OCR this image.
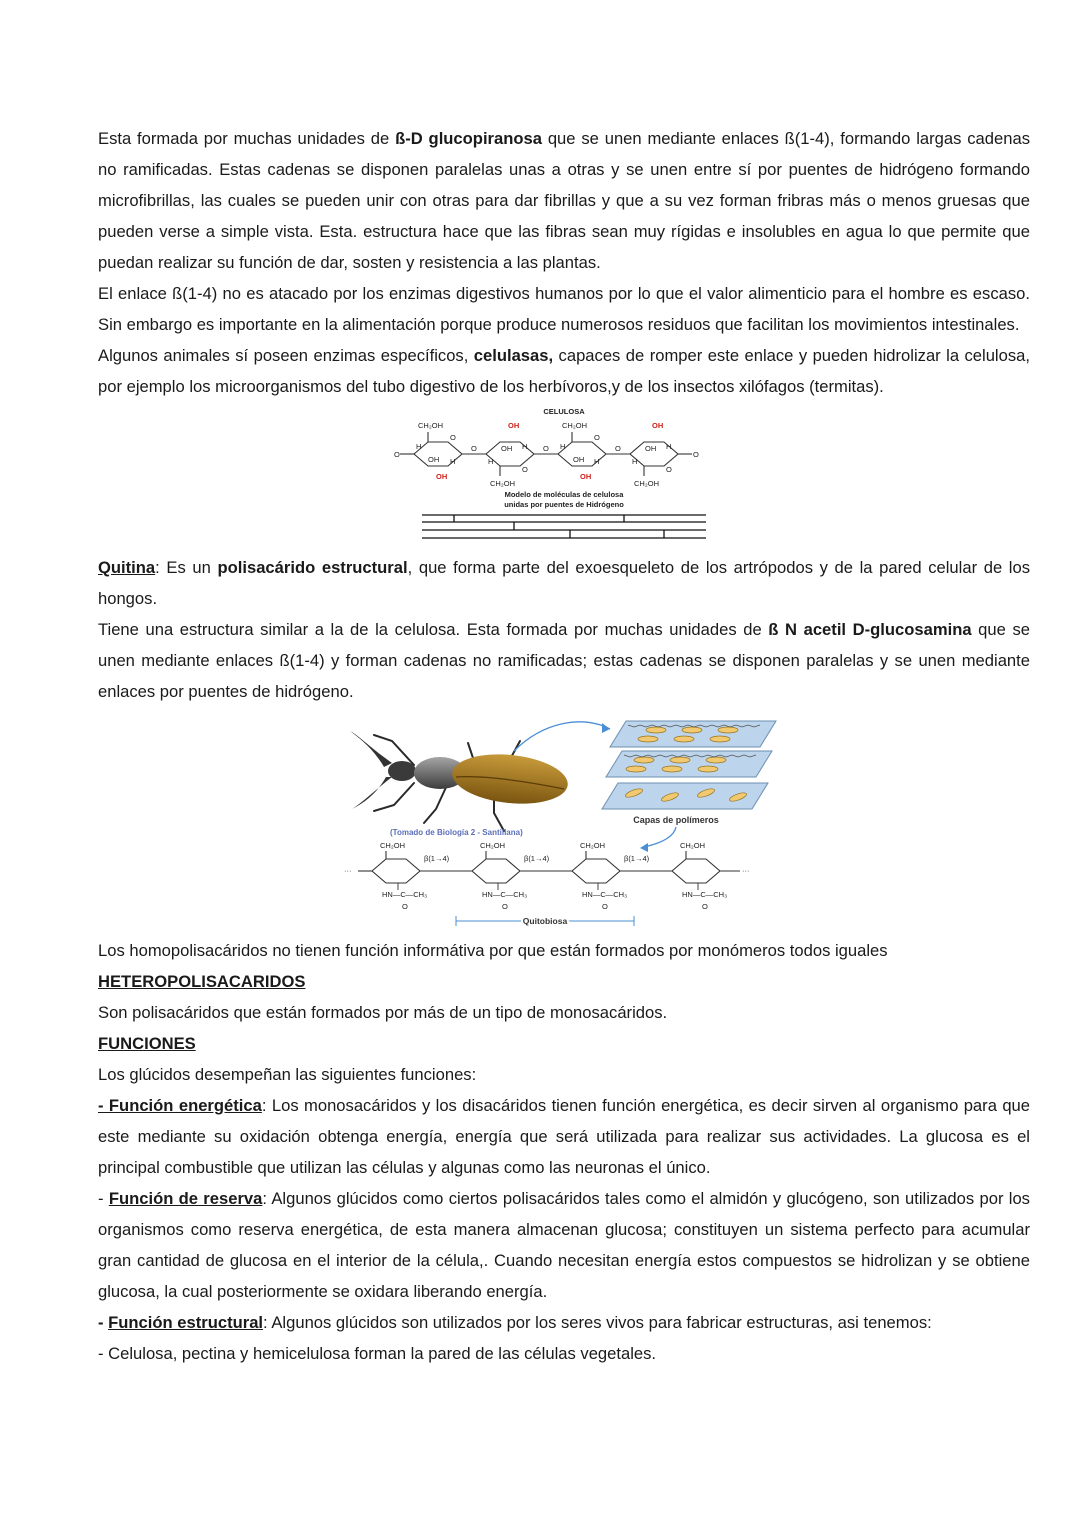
Esta formada por muchas unidades de ß-D glucopiranosa que se unen mediante enlaces ß(1-4), formando largas cadenas no ramificadas. Estas cadenas se disponen paralelas unas a otras y se unen entre sí por puentes de hidrógeno formando microfibrillas, las cuales se pueden unir con otras para dar fibrillas y que a su vez forman fribras más o menos gruesas que pueden verse a simple vista. Esta. estructura hace que las fibras sean muy rígidas e insolubles en agua lo que permite que puedan realizar su función de dar, sosten y resistencia a las plantas.

El enlace ß(1-4) no es atacado por los enzimas digestivos humanos por lo que el valor alimenticio para el hombre es escaso. Sin embargo es importante en la alimentación porque produce numerosos residuos que facilitan los movimientos intestinales.

Algunos animales sí poseen enzimas específicos, celulasas, capaces de romper este enlace y pueden hidrolizar la celulosa, por ejemplo los microorganismos del tubo digestivo de los herbívoros,y de los insectos xilófagos (termitas).

CELULOSA
CH₂OH
CH₂OH
CH₂OH
CH₂OH
O
O
O
O
O	O	O
O	O
H
H	H
H	H
H	H
H
OH
OH
OH
OH
OH
OH
OH
OH
Modelo de moléculas de celulosa
unidas por puentes de Hidrógeno

Quitina: Es un polisacárido estructural, que forma parte del exoesqueleto de los artrópodos y de la pared celular de los hongos.

Tiene una estructura similar a la de la celulosa. Esta formada por muchas unidades de ß N acetil D-glucosamina que se unen mediante enlaces ß(1-4) y forman cadenas no ramificadas; estas cadenas se disponen paralelas y se unen mediante enlaces por puentes de hidrógeno.

Capas de polímeros
(Tomado de Biología 2 - Santillana)
···	···
CH₂OH	CH₂OH	CH₂OH	CH₂OH
β(1→4)	β(1→4)	β(1→4)
HN—C—CH₃	HN—C—CH₃	HN—C—CH₃	HN—C—CH₃
O	O	O	O
Quitobiosa

Los homopolisacáridos no tienen función informátiva por que están formados por monómeros todos iguales

HETEROPOLISACARIDOS

Son polisacáridos que están formados por más de un tipo de monosacáridos.

FUNCIONES

Los glúcidos desempeñan las siguientes funciones:

- Función energética: Los monosacáridos y los disacáridos tienen función energética, es decir sirven al organismo para que este mediante su oxidación obtenga energía, energía que será utilizada para realizar sus actividades. La glucosa es el principal combustible que utilizan las células y algunas como las neuronas el único.

- Función de reserva: Algunos glúcidos como ciertos polisacáridos tales como el almidón y glucógeno, son utilizados por los organismos como reserva energética, de esta manera almacenan glucosa; constituyen un sistema perfecto para acumular gran cantidad de glucosa en el interior de la célula,. Cuando necesitan energía estos compuestos se hidrolizan y se obtiene glucosa, la cual posteriormente se oxidara liberando energía.

- Función estructural: Algunos glúcidos son utilizados por los seres vivos para fabricar estructuras, asi tenemos:

- Celulosa, pectina y hemicelulosa forman la pared de las células vegetales.
